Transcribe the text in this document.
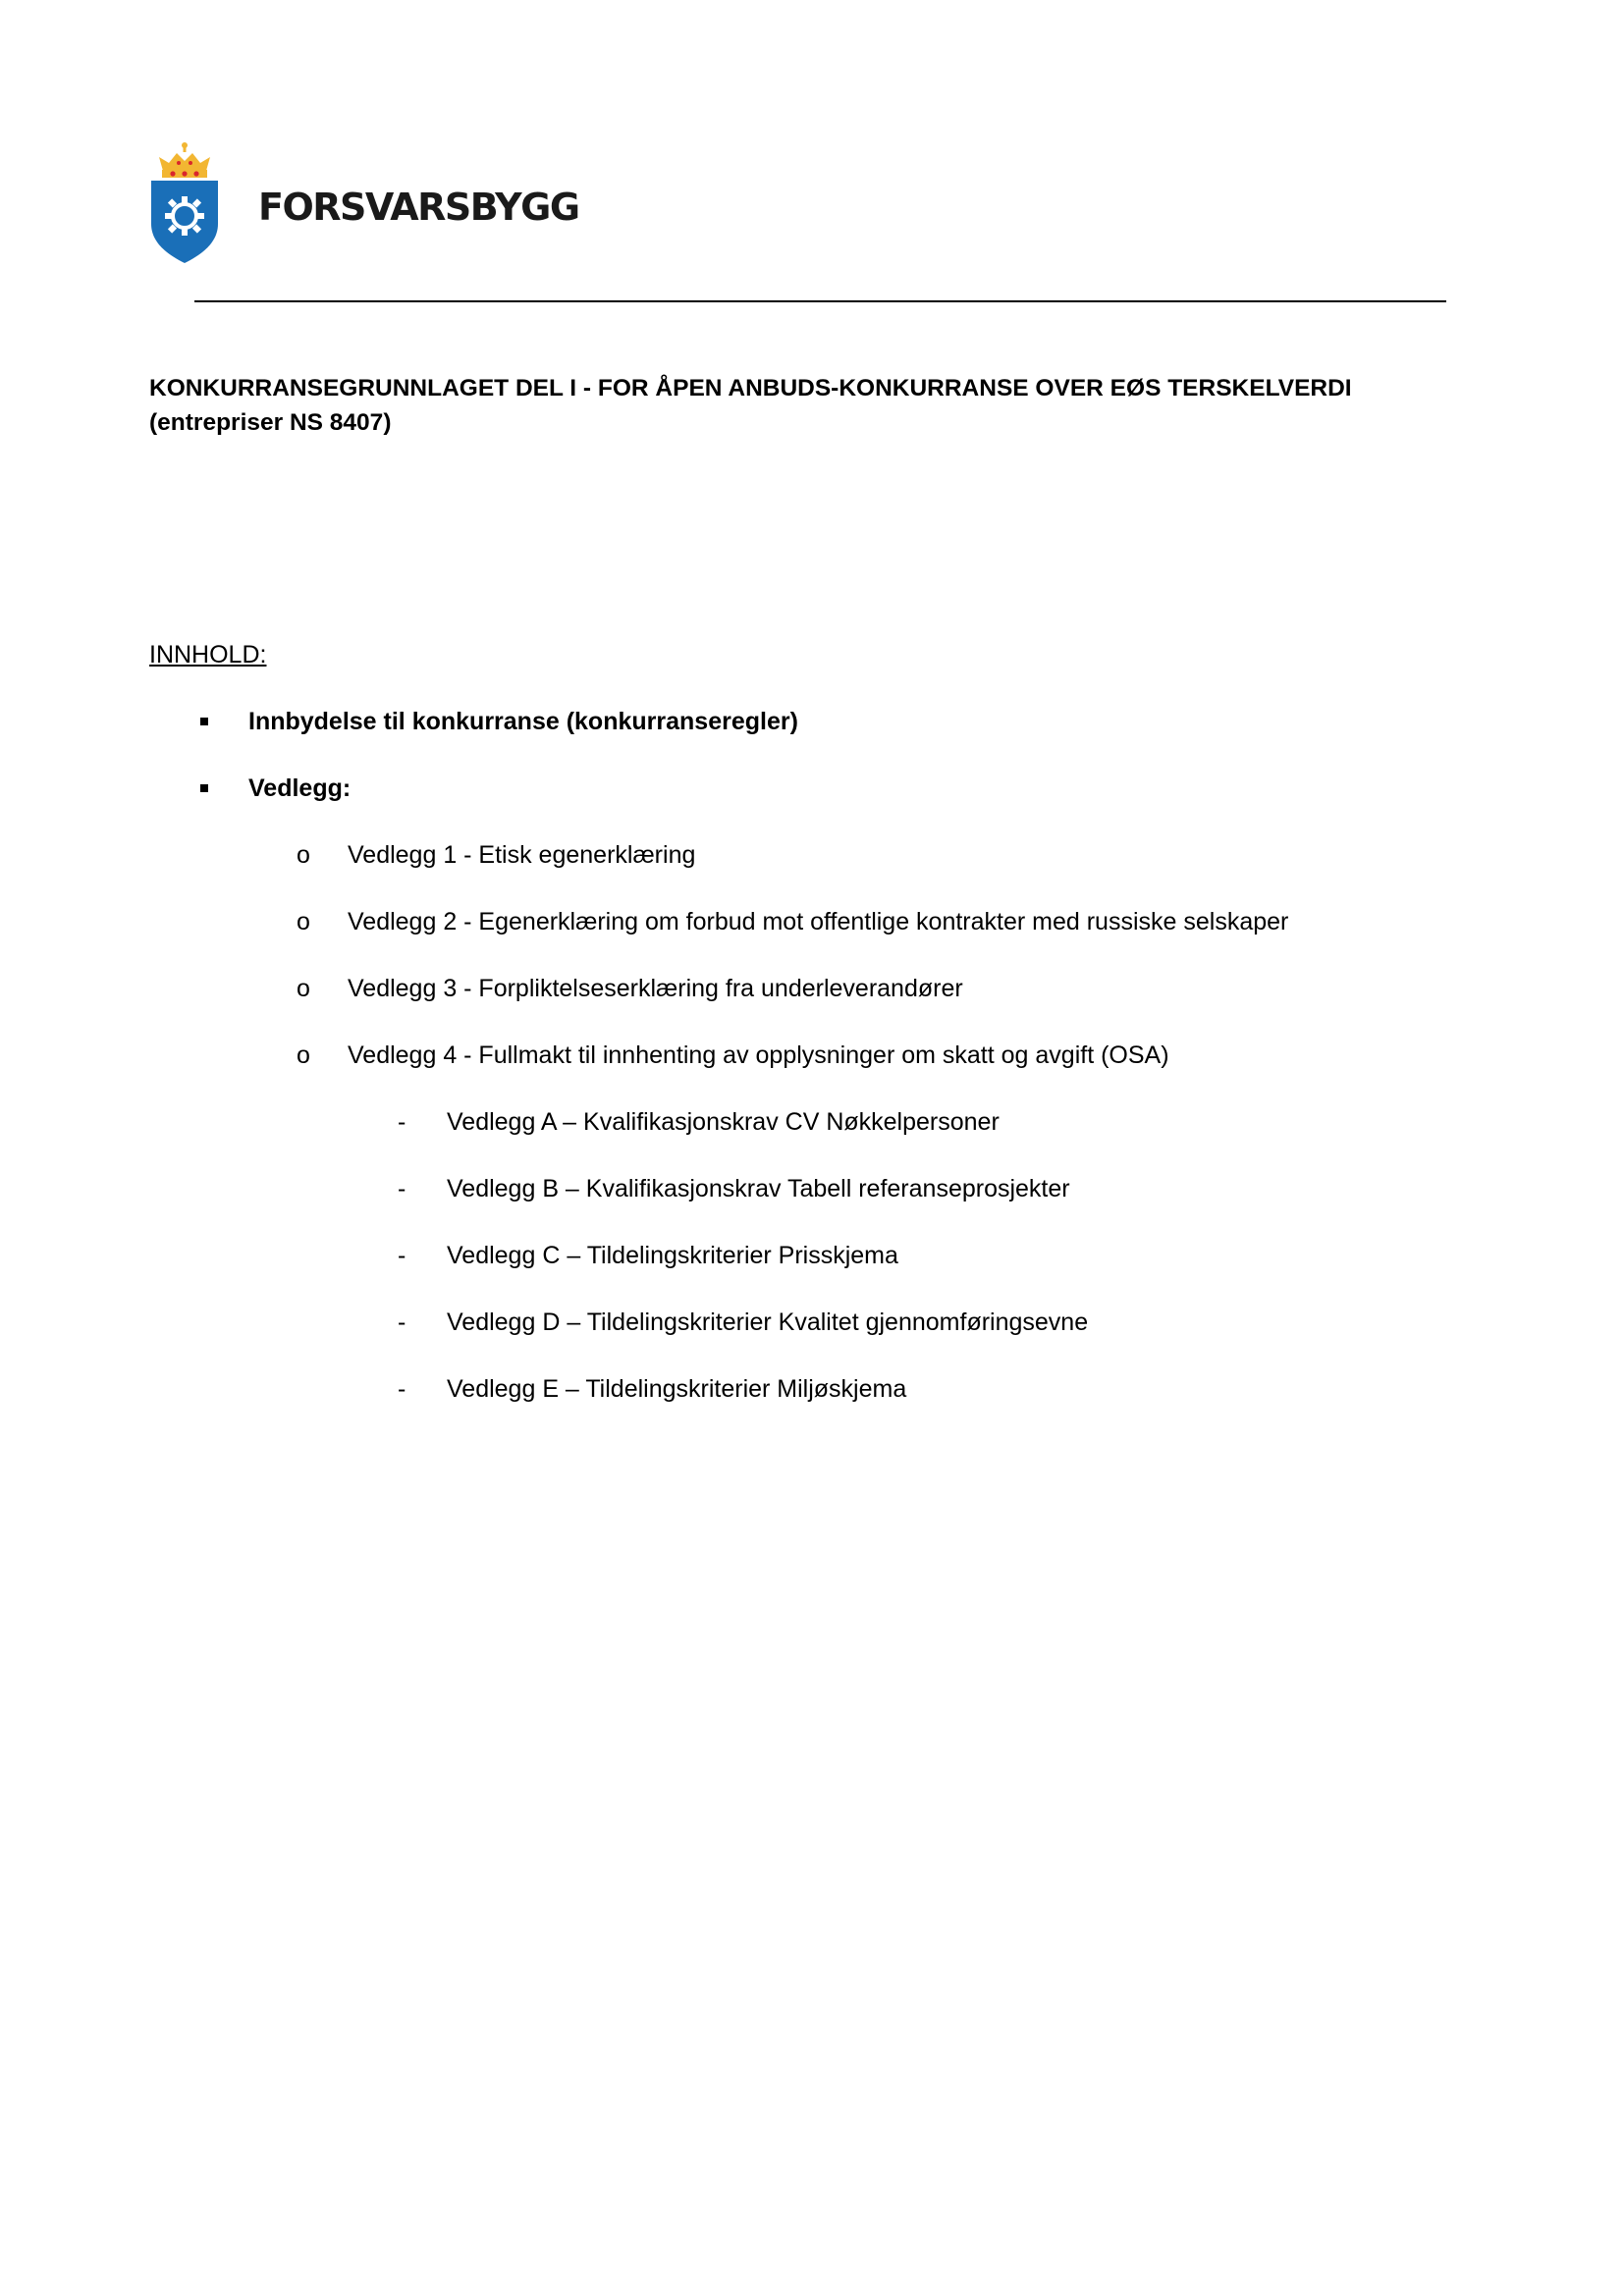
FORSVARSBYGG
KONKURRANSEGRUNNLAGET DEL I - FOR ÅPEN ANBUDS-KONKURRANSE OVER EØS TERSKELVERDI (entrepriser NS 8407)
INNHOLD:
Innbydelse til konkurranse (konkurranseregler)
Vedlegg:
o Vedlegg 1 - Etisk egenerklæring
o Vedlegg 2 - Egenerklæring om forbud mot offentlige kontrakter med russiske selskaper
o Vedlegg 3 - Forpliktelseserklæring fra underleverandører
o Vedlegg 4 - Fullmakt til innhenting av opplysninger om skatt og avgift (OSA)
- Vedlegg A – Kvalifikasjonskrav CV Nøkkelpersoner
- Vedlegg B – Kvalifikasjonskrav Tabell referanseprosjekter
- Vedlegg C – Tildelingskriterier Prisskjema
- Vedlegg D – Tildelingskriterier Kvalitet gjennomføringsevne
- Vedlegg E – Tildelingskriterier Miljøskjema
